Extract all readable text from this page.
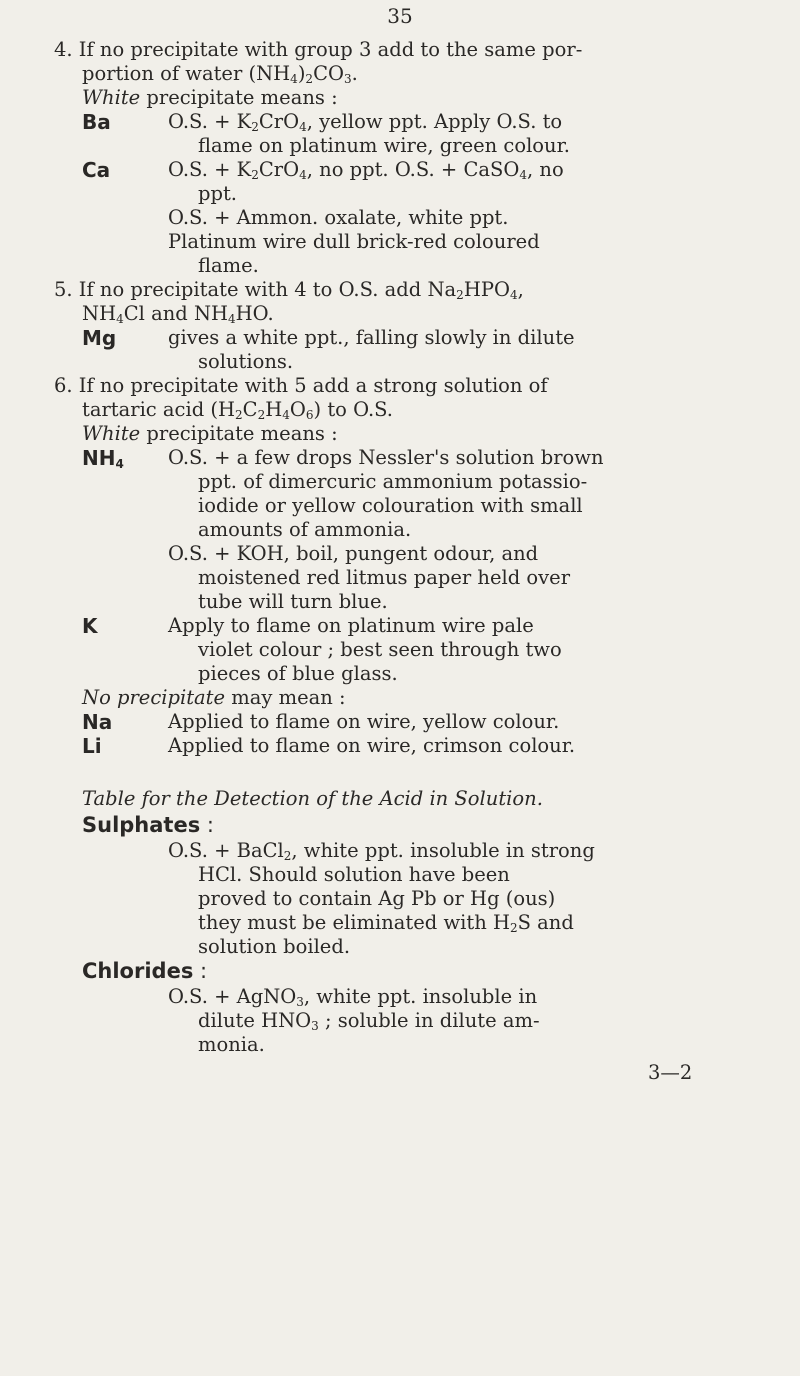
35
4. If no precipitate with group 3 add to the same por-
portion of water $(NH_4)_2CO_3$.
White precipitate means :
Ba	O.S. + $K_2CrO_4$, yellow ppt. Apply O.S. to
flame on platinum wire, green colour.
Ca	O.S. + $K_2CrO_4$, no ppt. O.S. + CaSO$_4$, no
ppt.
O.S. + Ammon. oxalate, white ppt.
Platinum wire dull brick-red coloured
flame.
5. If no precipitate with 4 to O.S. add $Na_2HPO_4$,
$NH_4Cl$ and $NH_4HO$.
Mg	gives a white ppt., falling slowly in dilute
solutions.
6. If no precipitate with 5 add a strong solution of
tartaric acid $(H_2C_2H_4O_6)$ to O.S.
White precipitate means :
$NH_4$ O.S. + a few drops Nessler's solution brown
ppt. of dimercuric ammonium potassio-
iodide or yellow colouration with small
amounts of ammonia.
O.S. + KOH, boil, pungent odour, and
moistened red litmus paper held over
tube will turn blue.
K	Apply to flame on platinum wire pale
violet colour ; best seen through two
pieces of blue glass.
No precipitate may mean :
Na	Applied to flame on wire, yellow colour.
Li	Applied to flame on wire, crimson colour.
Table for the Detection of the Acid in Solution.
Sulphates :
O.S. + BaCl$_2$, white ppt. insoluble in strong
HCl. Should solution have been
proved to contain Ag Pb or Hg (ous)
they must be eliminated with $H_2S$ and
solution boiled.
Chlorides :
O.S. + AgNO$_3$, white ppt. insoluble in
dilute $HNO_3$ ; soluble in dilute am-
monia.
3—2
